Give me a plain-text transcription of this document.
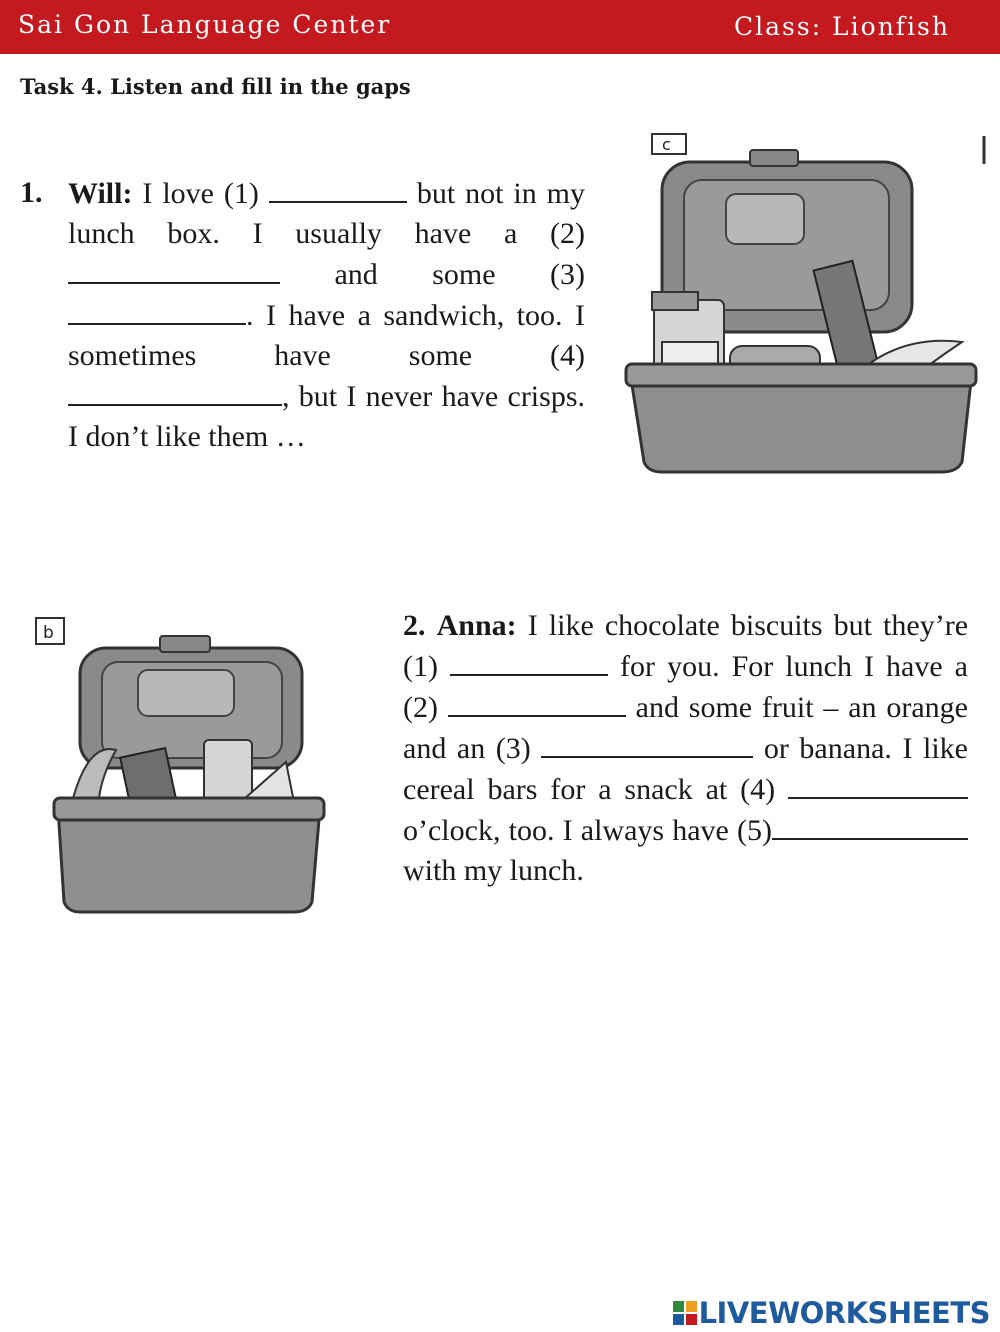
Sai Gon Language Center	Class: Lionfish
Task 4. Listen and fill in the gaps
1. Will: I love (1)	but not in my lunch box. I usually have a (2)  and some (3) . I have a sandwich, too. I sometimes have some (4) , but I never have crisps. I don’t like them …
c
b	2. Anna: I like chocolate biscuits but they’re (1)	for you. For lunch I have a (2)	and some fruit – an orange and an (3)	or banana. I like cereal bars for a snack at (4)  o’clock, too. I always have (5) with my lunch.
LIVEWORKSHEETS
